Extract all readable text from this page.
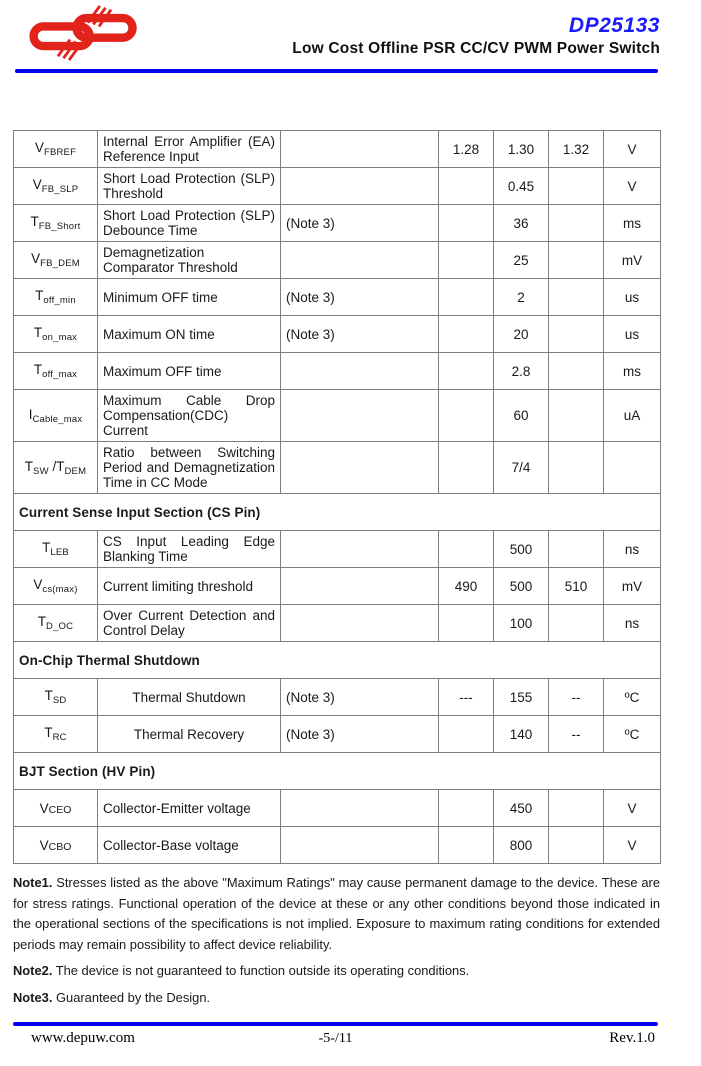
DP25133
Low Cost Offline PSR CC/CV PWM Power Switch
$V_{FBREF}$	Internal Error Amplifier (EA) Reference Input		1.28	1.30	1.32	V
$V_{FB\_SLP}$	Short Load Protection (SLP) Threshold			0.45		V
$T_{FB\_Short}$	Short Load Protection (SLP) Debounce Time	(Note 3)		36		ms
$V_{FB\_DEM}$	Demagnetization Comparator Threshold			25		mV
$T_{off\_min}$	Minimum OFF time	(Note 3)		2		us
$T_{on\_max}$	Maximum ON time	(Note 3)		20		us
$T_{off\_max}$	Maximum OFF time			2.8		ms
$I_{Cable\_max}$	Maximum Cable Drop Compensation(CDC) Current			60		uA
$T_{SW}$ $/T_{DEM}$	Ratio between Switching Period and Demagnetization Time in CC Mode			7/4		
Current Sense Input Section (CS Pin)						
$T_{LEB}$	CS Input Leading Edge Blanking Time			500		ns
$V_{cs(max)}$	Current limiting threshold		490	500	510	mV
$T_{D\_OC}$	Over Current Detection and Control Delay			100		ns
On-Chip Thermal Shutdown						
$T_{SD}$	Thermal Shutdown	(Note 3)	---	155	--	ºC
$T_{RC}$	Thermal Recovery	(Note 3)		140	--	ºC
BJT Section (HV Pin)						
VCEO	Collector-Emitter voltage			450		V
VCBO	Collector-Base voltage			800		V

Note1. Stresses listed as the above "Maximum Ratings" may cause permanent damage to the device. These are for stress ratings. Functional operation of the device at these or any other conditions beyond those indicated in the operational sections of the specifications is not implied. Exposure to maximum rating conditions for extended periods may remain possibility to affect device reliability.

Note2. The device is not guaranteed to function outside its operating conditions.

Note3. Guaranteed by the Design.

www.depuw.com	-5-/11	Rev.1.0
